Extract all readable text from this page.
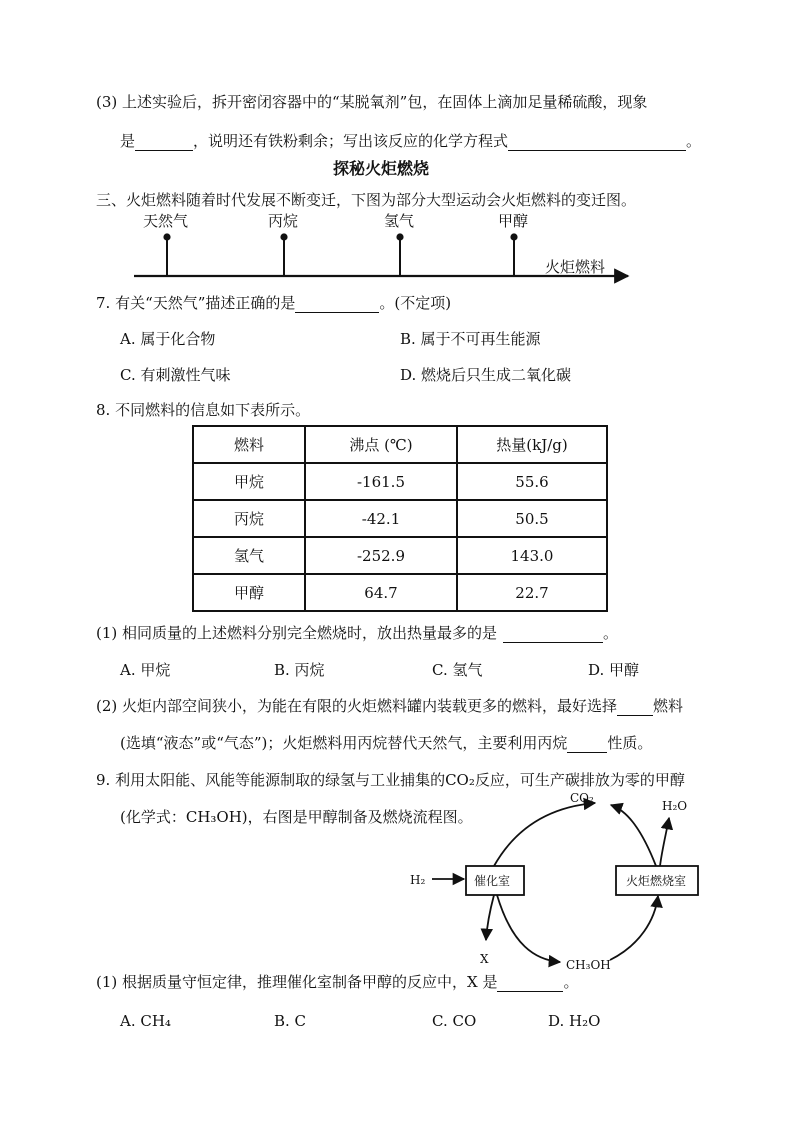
(3) 上述实验后，拆开密闭容器中的“某脱氧剂”包，在固体上滴加足量稀硫酸，现象
是	，说明还有铁粉剩余；写出该反应的化学方程式	。
探秘火炬燃烧
三、火炬燃料随着时代发展不断变迁，下图为部分大型运动会火炬燃料的变迁图。
天然气	丙烷	氢气	甲醇
火炬燃料
7. 有关“天然气”描述正确的是	。(不定项)
A. 属于化合物	B. 属于不可再生能源
C. 有刺激性气味	D. 燃烧后只生成二氧化碳
8. 不同燃料的信息如下表所示。
燃料	沸点 (℃)	热量(kJ/g)
甲烷	-161.5	55.6
丙烷	-42.1	50.5
氢气	-252.9	143.0
甲醇	64.7	22.7
(1) 相同质量的上述燃料分别完全燃烧时，放出热量最多的是	。
A. 甲烷	B. 丙烷	C. 氢气	D. 甲醇
(2) 火炬内部空间狭小，为能在有限的火炬燃料罐内装载更多的燃料，最好选择 燃料
(选填“液态”或“气态”)；火炬燃料用丙烷替代天然气，主要利用丙烷	性质。
9. 利用太阳能、风能等能源制取的绿氢与工业捕集的CO₂反应，可生产碳排放为零的甲醇
(化学式：CH₃OH)，右图是甲醇制备及燃烧流程图。
CO₂
H₂O
H₂	催化室	火炬燃烧室
CH₃OH
X
(1) 根据质量守恒定律，推理催化室制备甲醇的反应中，X 是	。
A. CH₄	B. C	C. CO	D. H₂O
